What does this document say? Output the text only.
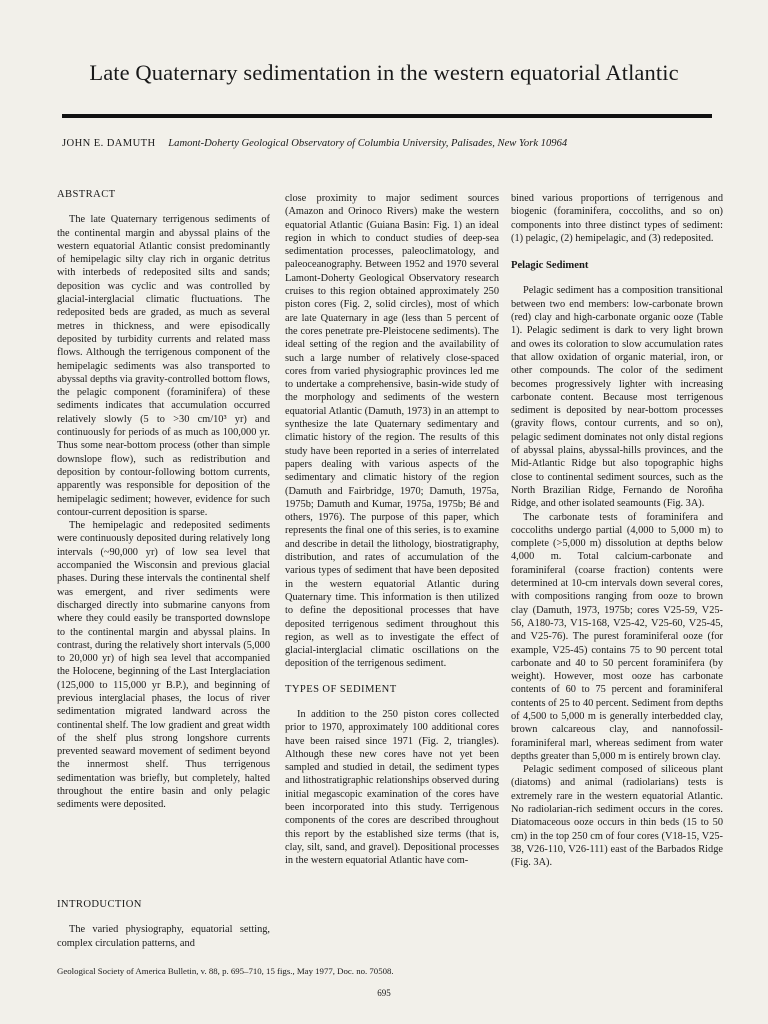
Late Quaternary sedimentation in the western equatorial Atlantic
JOHN E. DAMUTH Lamont-Doherty Geological Observatory of Columbia University, Palisades, New York 10964
ABSTRACT

The late Quaternary terrigenous sediments of the continental margin and abyssal plains of the western equatorial Atlantic consist predominantly of hemipelagic silty clay rich in organic detritus with interbeds of redeposited silts and sands; deposition was cyclic and was controlled by glacial-interglacial climatic fluctuations. The redeposited beds are graded, as much as several metres in thickness, and were episodically deposited by turbidity currents and related mass flows. Although the terrigenous component of the hemipelagic sediments was also transported to abyssal depths via gravity-controlled bottom flows, the pelagic component (foraminifera) of these sediments indicates that accumulation occurred relatively slowly (5 to >30 cm/10³ yr) and continuously for periods of as much as 100,000 yr. Thus some near-bottom process (other than simple downslope flow), such as redistribution and deposition by contour-following bottom currents, apparently was responsible for deposition of the hemipelagic sediment; however, evidence for such contour-current deposition is sparse.

The hemipelagic and redeposited sediments were continuously deposited during relatively long intervals (~90,000 yr) of low sea level that accompanied the Wisconsin and previous glacial phases. During these intervals the continental shelf was emergent, and river sediments were discharged directly into submarine canyons from where they could easily be transported downslope to the continental margin and abyssal plains. In contrast, during the relatively short intervals (5,000 to 20,000 yr) of high sea level that accompanied the Holocene, beginning of the Last Interglaciation (125,000 to 115,000 yr B.P.), and beginning of previous interglacial phases, the locus of river sedimentation migrated landward across the continental shelf. The low gradient and great width of the shelf plus strong longshore currents prevented seaward movement of sediment beyond the innermost shelf. Thus terrigenous sedimentation was briefly, but completely, halted throughout the entire basin and only pelagic sediments were deposited.

close proximity to major sediment sources (Amazon and Orinoco Rivers) make the western equatorial Atlantic (Guiana Basin: Fig. 1) an ideal region in which to conduct studies of deep-sea sedimentation processes, paleoclimatology, and paleoceanography. Between 1952 and 1970 several Lamont-Doherty Geological Observatory research cruises to this region obtained approximately 250 piston cores (Fig. 2, solid circles), most of which are late Quaternary in age (less than 5 percent of the cores penetrate pre-Pleistocene sediments). The ideal setting of the region and the availability of such a large number of relatively close-spaced cores from varied physiographic provinces led me to undertake a comprehensive, basin-wide study of the morphology and sediments of the western equatorial Atlantic (Damuth, 1973) in an attempt to synthesize the late Quaternary sedimentary and climatic history of the region. The results of this study have been reported in a series of interrelated papers dealing with various aspects of the sedimentary and climatic history of the region (Damuth and Fairbridge, 1970; Damuth, 1975a, 1975b; Damuth and Kumar, 1975a, 1975b; Bé and others, 1976). The purpose of this paper, which represents the final one of this series, is to examine and describe in detail the lithology, biostratigraphy, distribution, and rates of accumulation of the various types of sediment that have been deposited in the western equatorial Atlantic during Quaternary time. This information is then utilized to define the depositional processes that have deposited terrigenous sediment throughout this region, as well as to investigate the effect of glacial-interglacial climatic oscillations on the deposition of the terrigenous sediment.

TYPES OF SEDIMENT

In addition to the 250 piston cores collected prior to 1970, approximately 100 additional cores have been raised since 1971 (Fig. 2, triangles). Although these new cores have not yet been sampled and studied in detail, the sediment types and lithostratigraphic relationships observed during initial megascopic examination of the cores have been incorporated into this study. Terrigenous components of the cores are described throughout this report by the established size terms (that is, clay, silt, sand, and gravel). Depositional processes in the western equatorial Atlantic have com-

bined various proportions of terrigenous and biogenic (foraminifera, coccoliths, and so on) components into three distinct types of sediment: (1) pelagic, (2) hemipelagic, and (3) redeposited.

Pelagic Sediment

Pelagic sediment has a composition transitional between two end members: low-carbonate brown (red) clay and high-carbonate organic ooze (Table 1). Pelagic sediment is dark to very light brown and owes its coloration to slow accumulation rates that allow oxidation of organic material, iron, or other compounds. The color of the sediment becomes progressively lighter with increasing carbonate content. Because most terrigenous sediment is deposited by near-bottom processes (gravity flows, contour currents, and so on), pelagic sediment dominates not only distal regions of abyssal plains, abyssal-hills provinces, and the Mid-Atlantic Ridge but also topographic highs close to continental sediment sources, such as the North Brazilian Ridge, Fernando de Noroñha Ridge, and other isolated seamounts (Fig. 3A).

The carbonate tests of foraminifera and coccoliths undergo partial (4,000 to 5,000 m) to complete (>5,000 m) dissolution at depths below 4,000 m. Total calcium-carbonate and foraminiferal (coarse fraction) contents were determined at 10-cm intervals down several cores, with compositions ranging from ooze to brown clay (Damuth, 1973, 1975b; cores V25-59, V25-56, A180-73, V15-168, V25-42, V25-60, V25-45, and V25-76). The purest foraminiferal ooze (for example, V25-45) contains 75 to 90 percent total carbonate and 40 to 50 percent foraminifera (by weight). However, most ooze has carbonate contents of 60 to 75 percent and foraminiferal contents of 25 to 40 percent. Sediment from depths of 4,500 to 5,000 m is generally interbedded clay, brown calcareous clay, and nannofossil-foraminiferal marl, whereas sediment from water depths greater than 5,000 m is entirely brown clay.

Pelagic sediment composed of siliceous plant (diatoms) and animal (radiolarians) tests is extremely rare in the western equatorial Atlantic. No radiolarian-rich sediment occurs in the cores. Diatomaceous ooze occurs in thin beds (15 to 50 cm) in the top 250 cm of four cores (V18-15, V25-38, V26-110, V26-111) east of the Barbados Ridge (Fig. 3A).

INTRODUCTION

The varied physiography, equatorial setting, complex circulation patterns, and

Geological Society of America Bulletin, v. 88, p. 695–710, 15 figs., May 1977, Doc. no. 70508.
695
